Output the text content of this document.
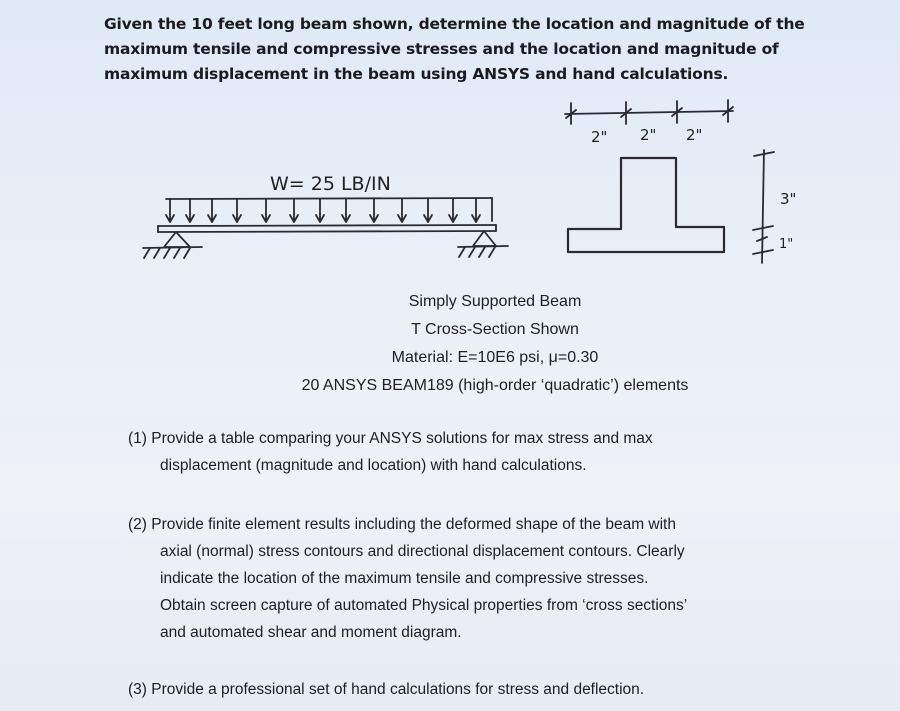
Given the 10 feet long beam shown, determine the location and magnitude of the
maximum tensile and compressive stresses and the location and magnitude of
maximum displacement in the beam using ANSYS and hand calculations.
W= 25 LB/IN
2" 2" 2"
3"
1"
Simply Supported Beam
T Cross-Section Shown
Material: E=10E6 psi, μ=0.30
20 ANSYS BEAM189 (high-order ‘quadratic’) elements
(1) Provide a table comparing your ANSYS solutions for max stress and max
displacement (magnitude and location) with hand calculations.
(2) Provide finite element results including the deformed shape of the beam with
axial (normal) stress contours and directional displacement contours. Clearly
indicate the location of the maximum tensile and compressive stresses.
Obtain screen capture of automated Physical properties from ‘cross sections’
and automated shear and moment diagram.
(3) Provide a professional set of hand calculations for stress and deflection.
